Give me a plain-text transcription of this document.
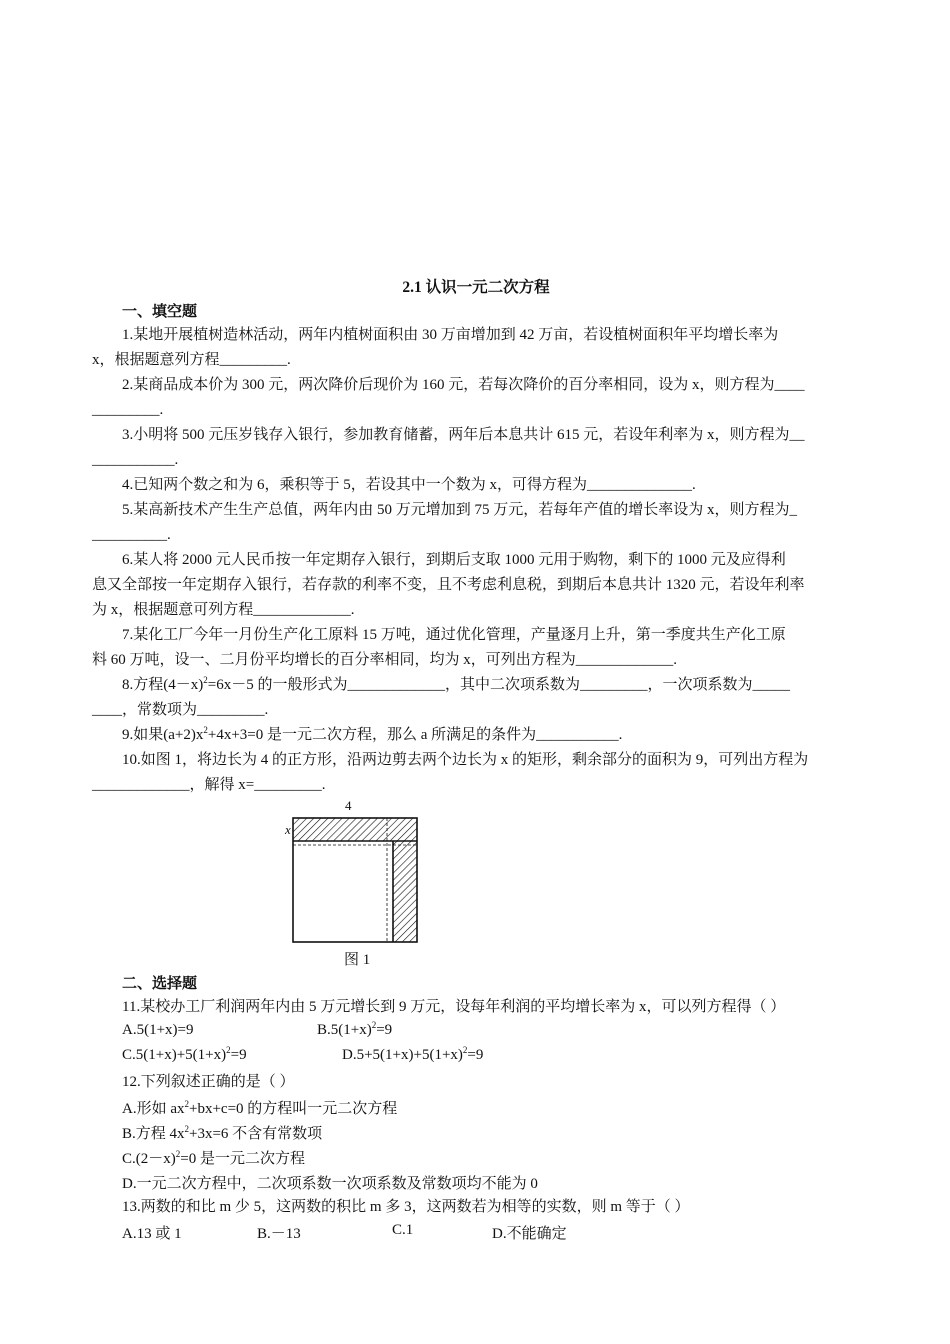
2.1 认识一元二次方程
一、填空题
1.某地开展植树造林活动，两年内植树面积由 30 万亩增加到 42 万亩，若设植树面积年平均增长率为
x，根据题意列方程_________.
2.某商品成本价为 300 元，两次降价后现价为 160 元，若每次降价的百分率相同，设为 x，则方程为____
_________.
3.小明将 500 元压岁钱存入银行，参加教育储蓄，两年后本息共计 615 元，若设年利率为 x，则方程为__
___________.
4.已知两个数之和为 6，乘积等于 5，若设其中一个数为 x，可得方程为______________.
5.某高新技术产生生产总值，两年内由 50 万元增加到 75 万元，若每年产值的增长率设为 x，则方程为_
__________.
6.某人将 2000 元人民币按一年定期存入银行，到期后支取 1000 元用于购物，剩下的 1000 元及应得利
息又全部按一年定期存入银行，若存款的利率不变，且不考虑利息税，到期后本息共计 1320 元，若设年利率
为 x，根据题意可列方程_____________.
7.某化工厂今年一月份生产化工原料 15 万吨，通过优化管理，产量逐月上升，第一季度共生产化工原
料 60 万吨，设一、二月份平均增长的百分率相同，均为 x，可列出方程为_____________.
8.方程$(4-x)^2=6x-5$ 的一般形式为_____________，其中二次项系数为_________，一次项系数为_____
____，常数项为_________.
9.如果$(a+2)x^2+4x+3=0$ 是一元二次方程，那么 a 所满足的条件为___________.
10.如图 1，将边长为 4 的正方形，沿两边剪去两个边长为 x 的矩形，剩余部分的面积为 9，可列出方程为
_____________，解得 x=_________.
4
x
图 1
二、选择题
11.某校办工厂利润两年内由 5 万元增长到 9 万元，设每年利润的平均增长率为 x，可以列方程得（ ）
A.5(1+x)=9	$B.5(1+x)^2=9$
$C.5(1+x)+5(1+x)^2=9$	$D.5+5(1+x)+5(1+x)^2=9$
12.下列叙述正确的是（ ）
A.形如 $ax^2+bx+c=0$ 的方程叫一元二次方程
B.方程 $4x^2+3x=6$ 不含有常数项
$C.(2-x)^2=0$ 是一元二次方程
D.一元二次方程中，二次项系数一次项系数及常数项均不能为 0
13.两数的和比 m 少 5，这两数的积比 m 多 3，这两数若为相等的实数，则 m 等于（ ）
A.13 或 1	B.－13	C.1	D.不能确定
